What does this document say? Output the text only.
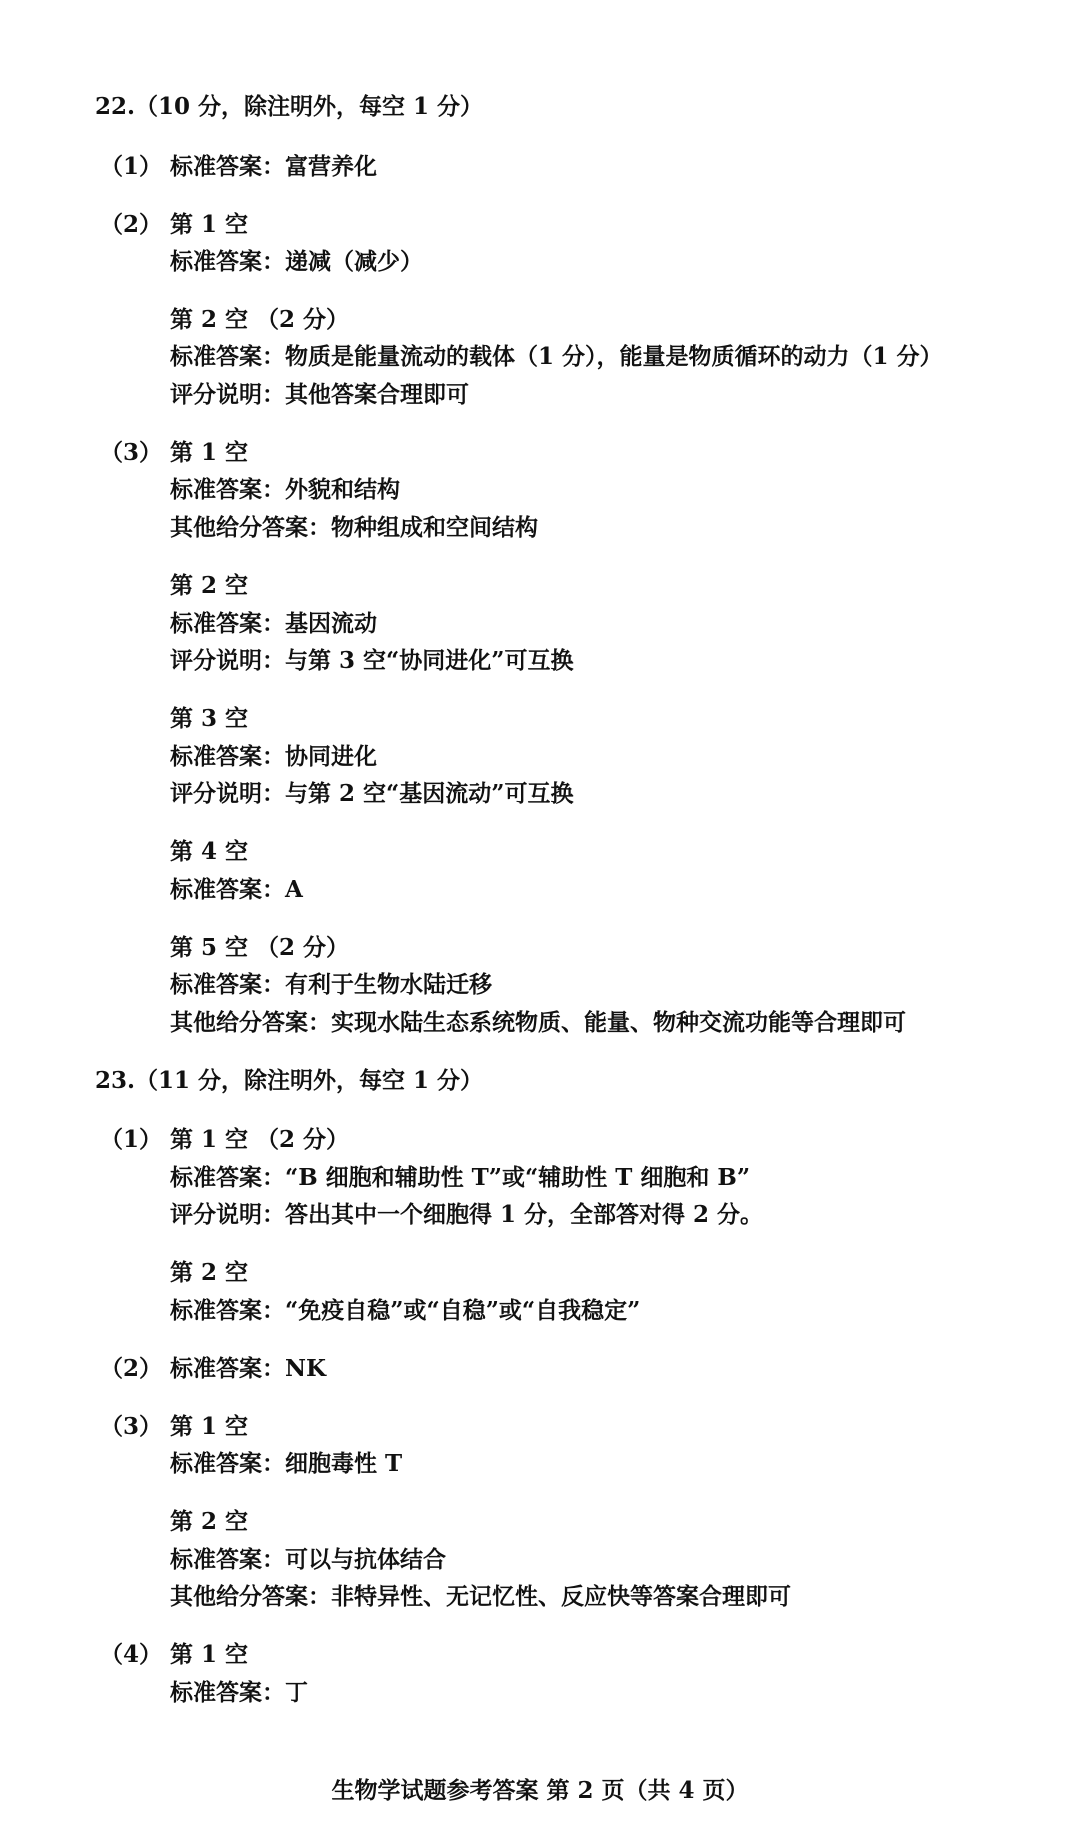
22.（10 分，除注明外，每空 1 分）
（1） 标准答案：富营养化
（2） 第 1 空
标准答案：递减（减少）
第 2 空 （2 分）
标准答案：物质是能量流动的载体（1 分），能量是物质循环的动力（1 分）
评分说明：其他答案合理即可
（3） 第 1 空
标准答案：外貌和结构
其他给分答案：物种组成和空间结构
第 2 空
标准答案：基因流动
评分说明：与第 3 空“协同进化”可互换
第 3 空
标准答案：协同进化
评分说明：与第 2 空“基因流动”可互换
第 4 空
标准答案：A
第 5 空 （2 分）
标准答案：有利于生物水陆迁移
其他给分答案：实现水陆生态系统物质、能量、物种交流功能等合理即可
23.（11 分，除注明外，每空 1 分）
（1） 第 1 空 （2 分）
标准答案：“B 细胞和辅助性 T”或“辅助性 T 细胞和 B”
评分说明：答出其中一个细胞得 1 分，全部答对得 2 分。
第 2 空
标准答案：“免疫自稳”或“自稳”或“自我稳定”
（2） 标准答案：NK
（3） 第 1 空
标准答案：细胞毒性 T
第 2 空
标准答案：可以与抗体结合
其他给分答案：非特异性、无记忆性、反应快等答案合理即可
（4） 第 1 空
标准答案：丁
生物学试题参考答案 第 2 页（共 4 页）
